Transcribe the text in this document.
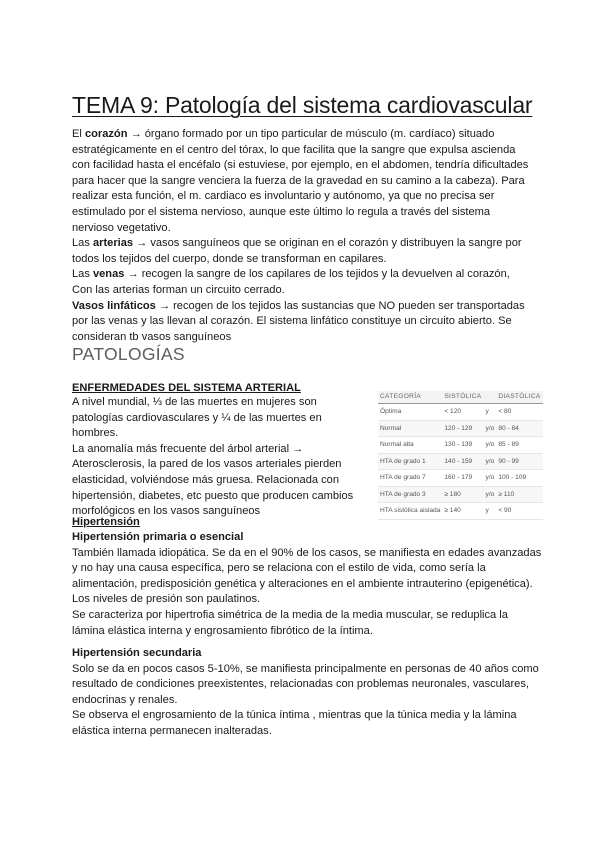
TEMA 9: Patología del sistema cardiovascular

El corazón → órgano formado por un tipo particular de músculo (m. cardíaco) situado estratégicamente en el centro del tórax, lo que facilita que la sangre que expulsa ascienda con facilidad hasta el encéfalo (si estuviese, por ejemplo, en el abdomen, tendría dificultades para hacer que la sangre venciera la fuerza de la gravedad en su camino a la cabeza). Para realizar esta función, el m. cardiaco es involuntario y autónomo, ya que no precisa ser estimulado por el sistema nervioso, aunque este último lo regula a través del sistema nervioso vegetativo.

Las arterias → vasos sanguíneos que se originan en el corazón y distribuyen la sangre por todos los tejidos del cuerpo, donde se transforman en capilares.

Las venas → recogen la sangre de los capilares de los tejidos y la devuelven al corazón, Con las arterias forman un circuito cerrado.

Vasos linfáticos → recogen de los tejidos las sustancias que NO pueden ser transportadas por las venas y las llevan al corazón. El sistema linfático constituye un circuito abierto. Se consideran tb vasos sanguíneos

PATOLOGÍAS
ENFERMEDADES DEL SISTEMA ARTERIAL

A nivel mundial, ⅓ de las muertes en mujeres son patologías cardiovasculares y ¼ de las muertes en hombres.

La anomalía más frecuente del árbol arterial → Aterosclerosis, la pared de los vasos arteriales pierden elasticidad, volviéndose más gruesa. Relacionada con hipertensión, diabetes, etc puesto que producen cambios morfológicos en los vasos sanguíneos

CATEGORÍA	SISTÓLICA		DIASTÓLICA
Óptima	< 120	y	< 80
Normal	120 - 129	y/o	80 - 84
Normal alta	130 - 139	y/o	85 - 89
HTA de grado 1	140 - 159	y/o	90 - 99
HTA de grado 7	160 - 179	y/o	100 - 109
HTA de grado 3	≥ 180	y/o	≥ 110
HTA sistólica aislada	≥ 140	y	< 90
Hipertensión

Hipertensión primaria o esencial

También llamada idiopática. Se da en el 90% de los casos, se manifiesta en edades avanzadas y no hay una causa específica, pero se relaciona con el estilo de vida, como sería la alimentación, predisposición genética y alteraciones en el ambiente intrauterino (epigenética). Los niveles de presión son paulatinos.

Se caracteriza por hipertrofia simétrica de la media de la media muscular, se reduplica la lámina elástica interna y engrosamiento fibrótico de la íntima.

Hipertensión secundaria

Solo se da en pocos casos 5-10%, se manifiesta principalmente en personas de 40 años como resultado de condiciones preexistentes, relacionadas con problemas neuronales, vasculares, endocrinas y renales.

Se observa el engrosamiento de la túnica íntima , mientras que la túnica media y la lámina elástica interna permanecen inalteradas.
